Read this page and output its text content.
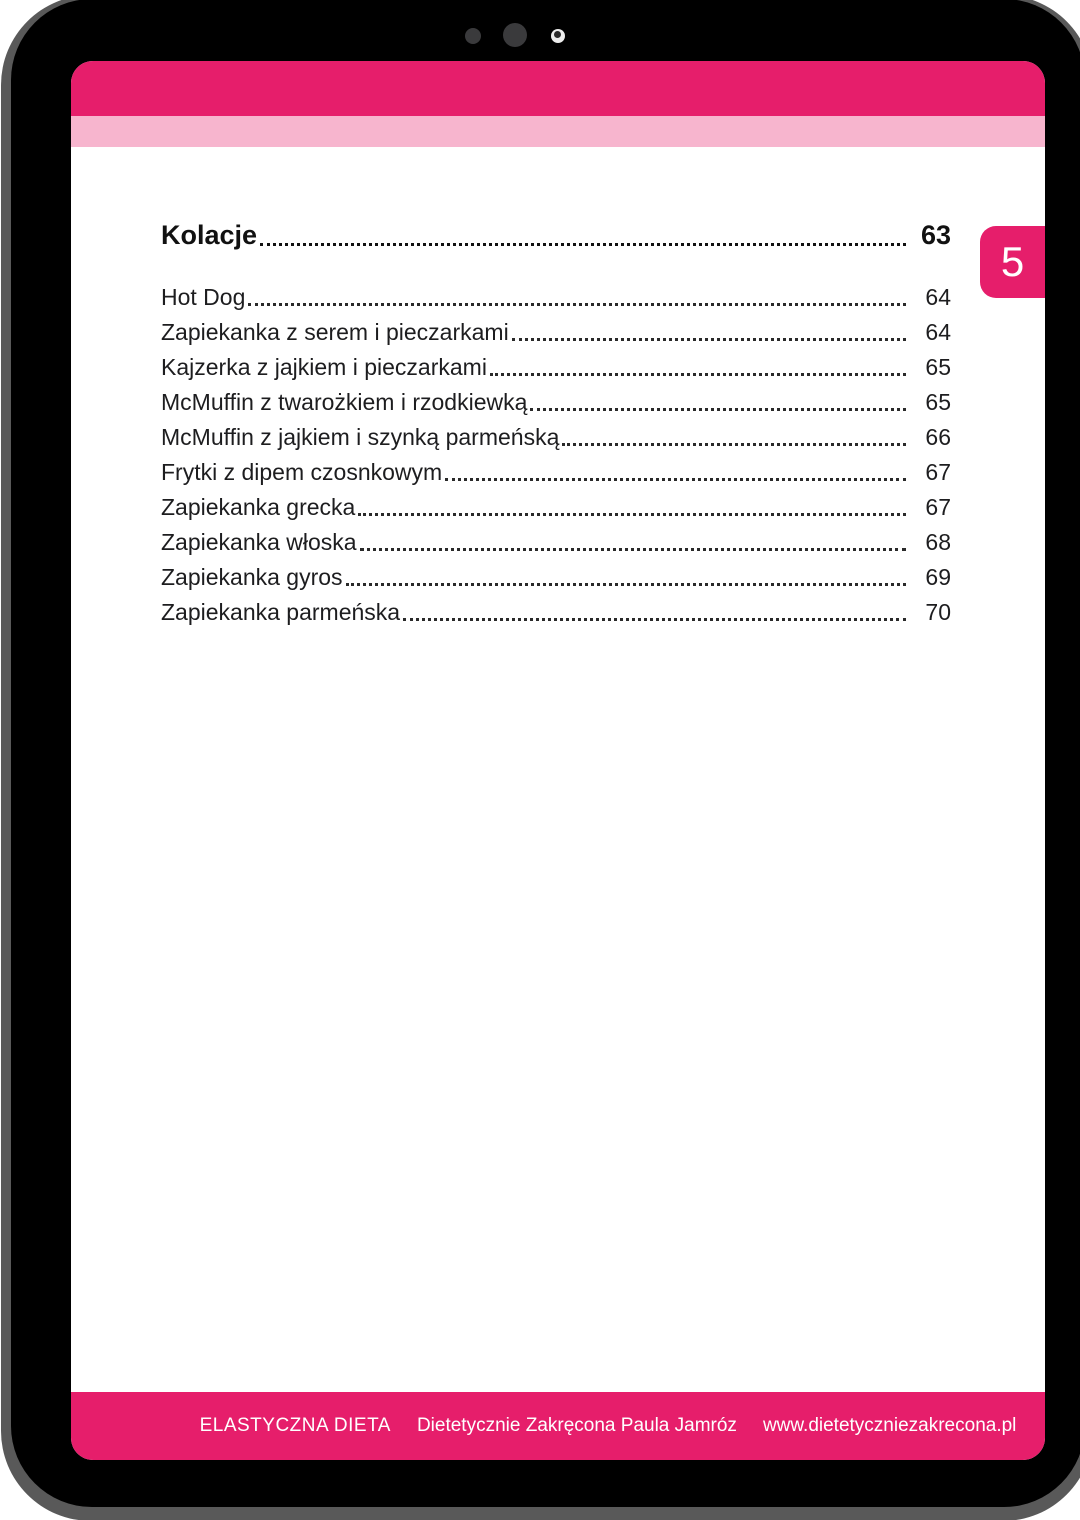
5
Kolacje	63
Hot Dog	64
Zapiekanka z serem i pieczarkami	64
Kajzerka z jajkiem i pieczarkami	65
McMuffin z twarożkiem i rzodkiewką	65
McMuffin z jajkiem i szynką parmeńską	66
Frytki z dipem czosnkowym	67
Zapiekanka grecka	67
Zapiekanka włoska	68
Zapiekanka gyros	69
Zapiekanka parmeńska	70
ELASTYCZNA DIETA Dietetycznie Zakręcona Paula Jamróz www.dietetyczniezakrecona.pl
